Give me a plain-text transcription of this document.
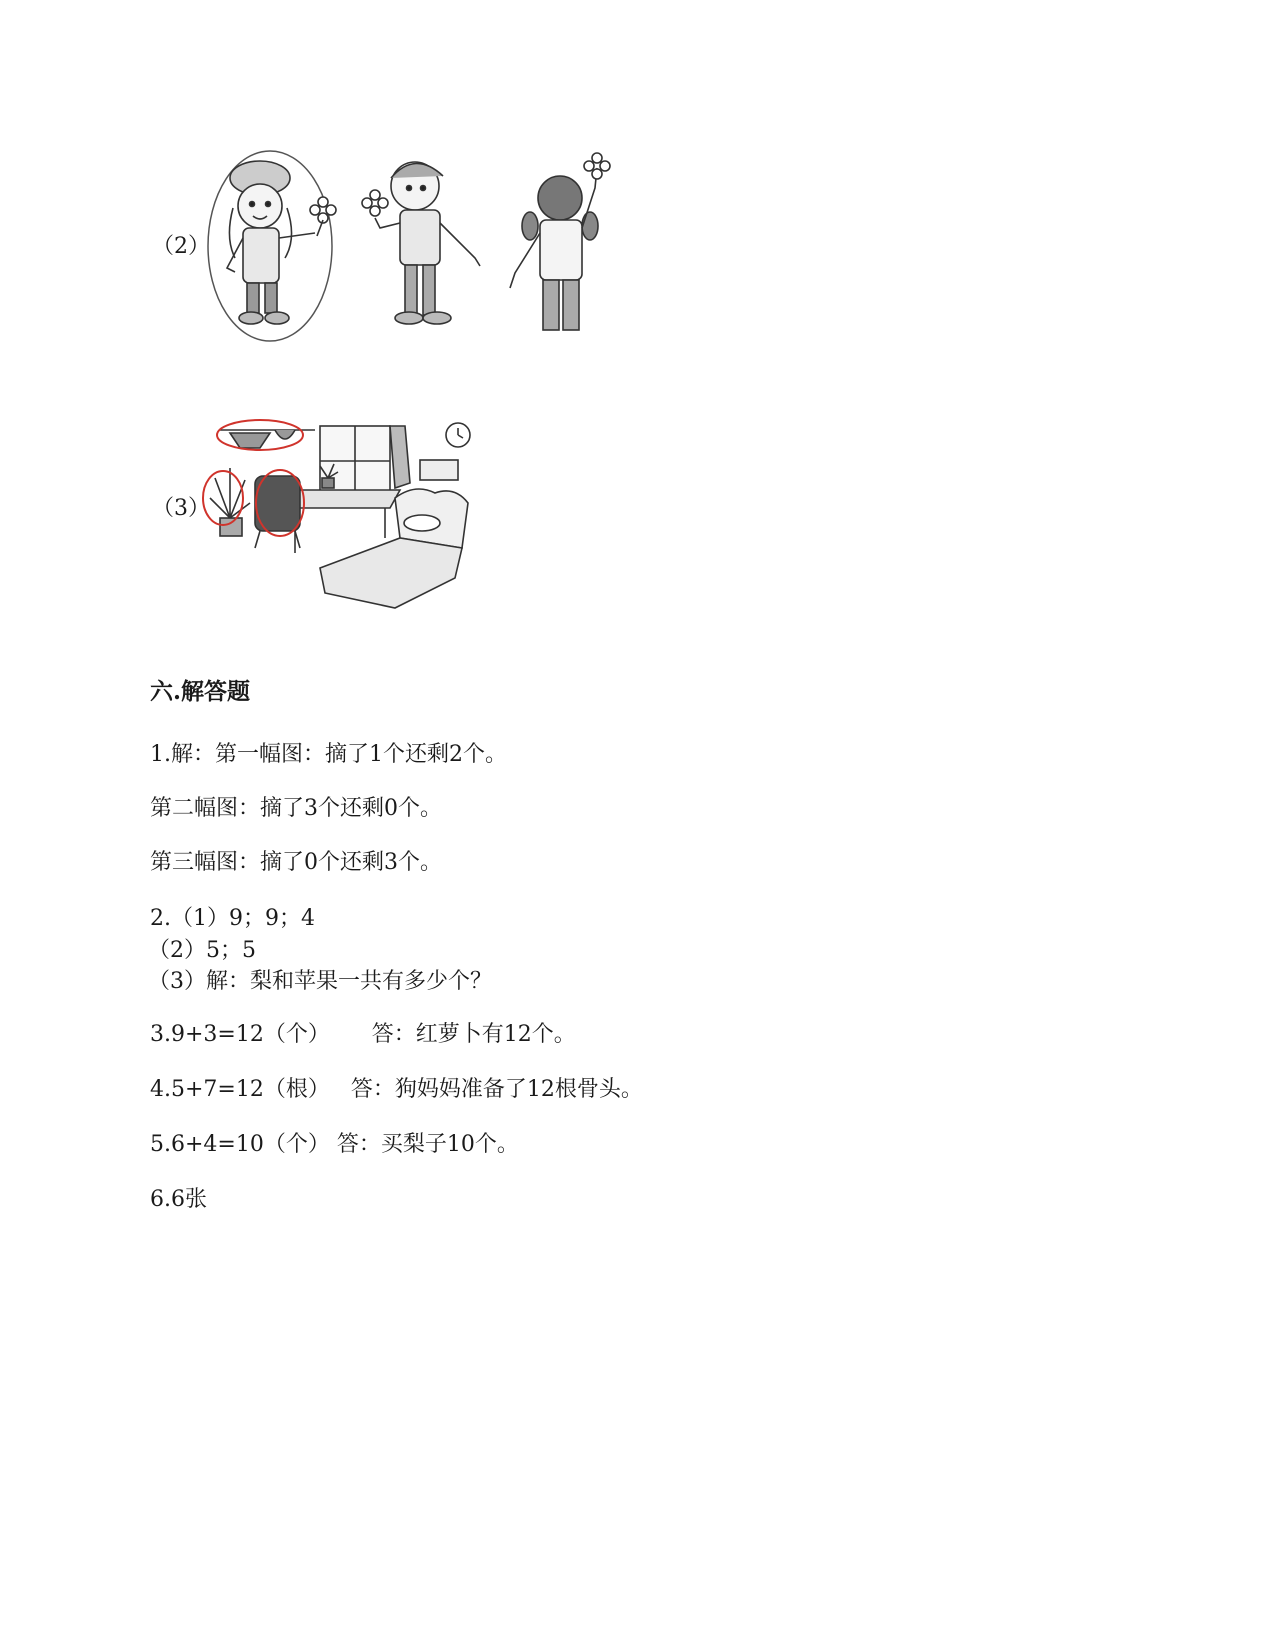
（2）
（3）
六.解答题
1.解：第一幅图：摘了1个还剩2个。
第二幅图：摘了3个还剩0个。
第三幅图：摘了0个还剩3个。
2.（1）9；9；4
（2）5；5
（3）解：梨和苹果一共有多少个？
3.9+3=12（个）      答：红萝卜有12个。
4.5+7=12（根）   答：狗妈妈准备了12根骨头。
5.6+4=10（个） 答：买梨子10个。
6.6张
